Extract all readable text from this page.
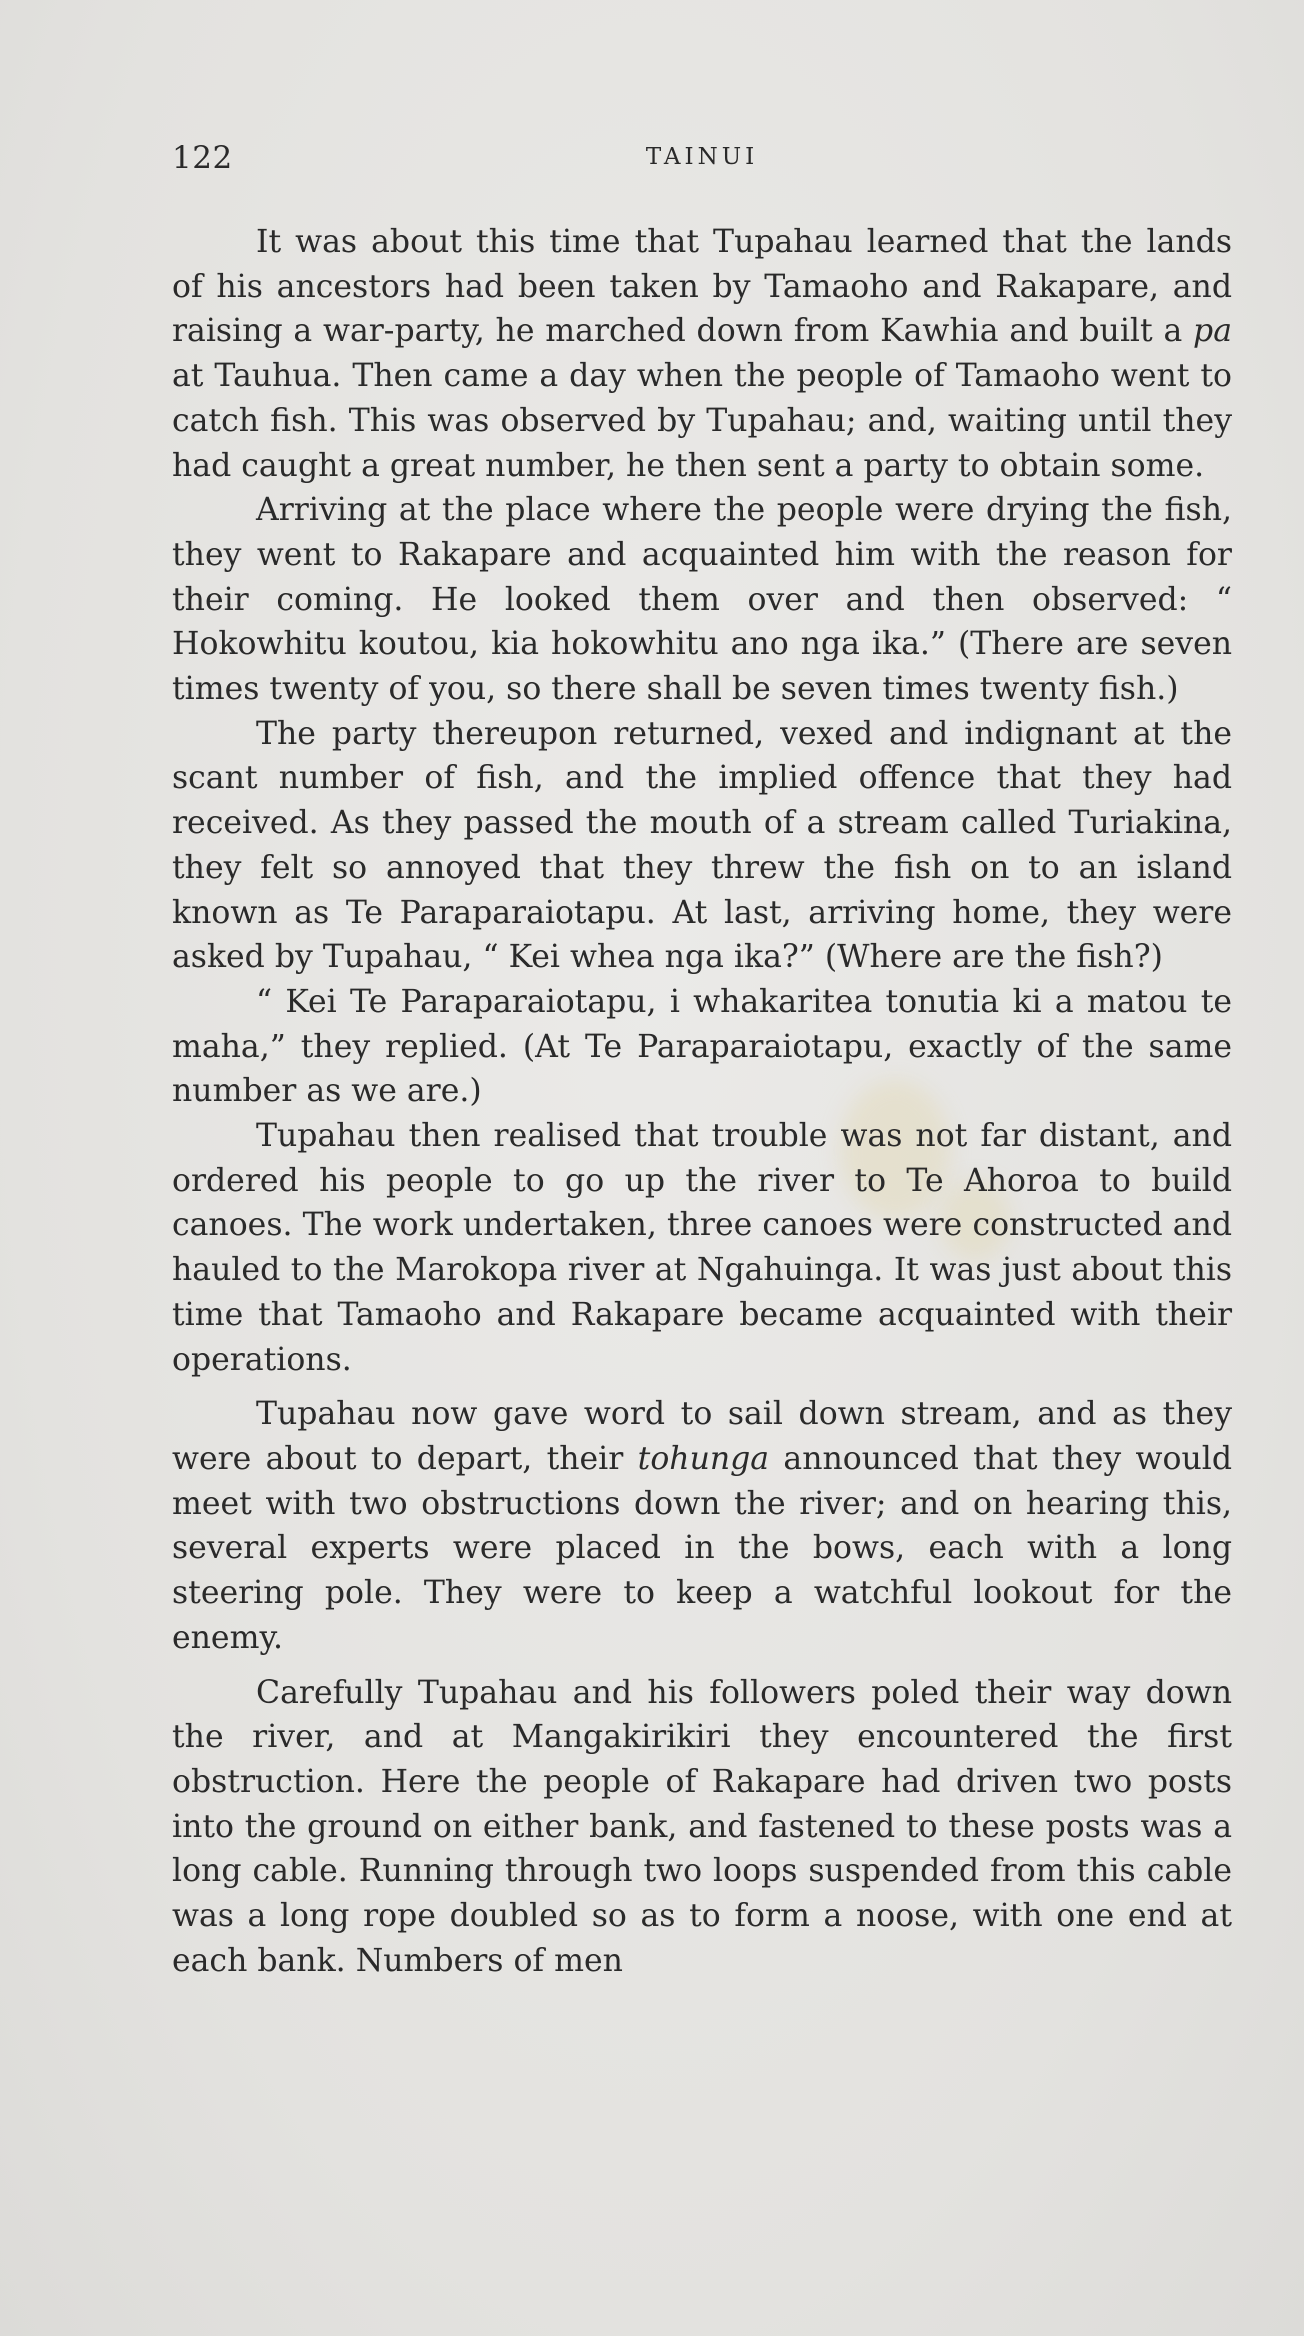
122	TAINUI

It was about this time that Tupahau learned that the lands of his ancestors had been taken by Tamaoho and Rakapare, and raising a war-party, he marched down from Kawhia and built a pa at Tauhua. Then came a day when the people of Tamaoho went to catch fish. This was observed by Tupahau; and, waiting until they had caught a great number, he then sent a party to obtain some.

Arriving at the place where the people were drying the fish, they went to Rakapare and acquainted him with the reason for their coming. He looked them over and then observed: “ Hokowhitu koutou, kia hokowhitu ano nga ika.” (There are seven times twenty of you, so there shall be seven times twenty fish.)

The party thereupon returned, vexed and indignant at the scant number of fish, and the implied offence that they had received. As they passed the mouth of a stream called Turiakina, they felt so annoyed that they threw the fish on to an island known as Te Paraparaiotapu. At last, arriving home, they were asked by Tupahau, “ Kei whea nga ika?” (Where are the fish?)

“ Kei Te Paraparaiotapu, i whakaritea tonutia ki a matou te maha,” they replied. (At Te Paraparaiotapu, exactly of the same number as we are.)

Tupahau then realised that trouble was not far distant, and ordered his people to go up the river to Te Ahoroa to build canoes. The work undertaken, three canoes were constructed and hauled to the Marokopa river at Ngahuinga. It was just about this time that Tamaoho and Rakapare became acquainted with their operations.

Tupahau now gave word to sail down stream, and as they were about to depart, their tohunga announced that they would meet with two obstructions down the river; and on hearing this, several experts were placed in the bows, each with a long steering pole. They were to keep a watchful lookout for the enemy.

Carefully Tupahau and his followers poled their way down the river, and at Mangakirikiri they encountered the first obstruction. Here the people of Rakapare had driven two posts into the ground on either bank, and fastened to these posts was a long cable. Running through two loops suspended from this cable was a long rope doubled so as to form a noose, with one end at each bank. Numbers of men
